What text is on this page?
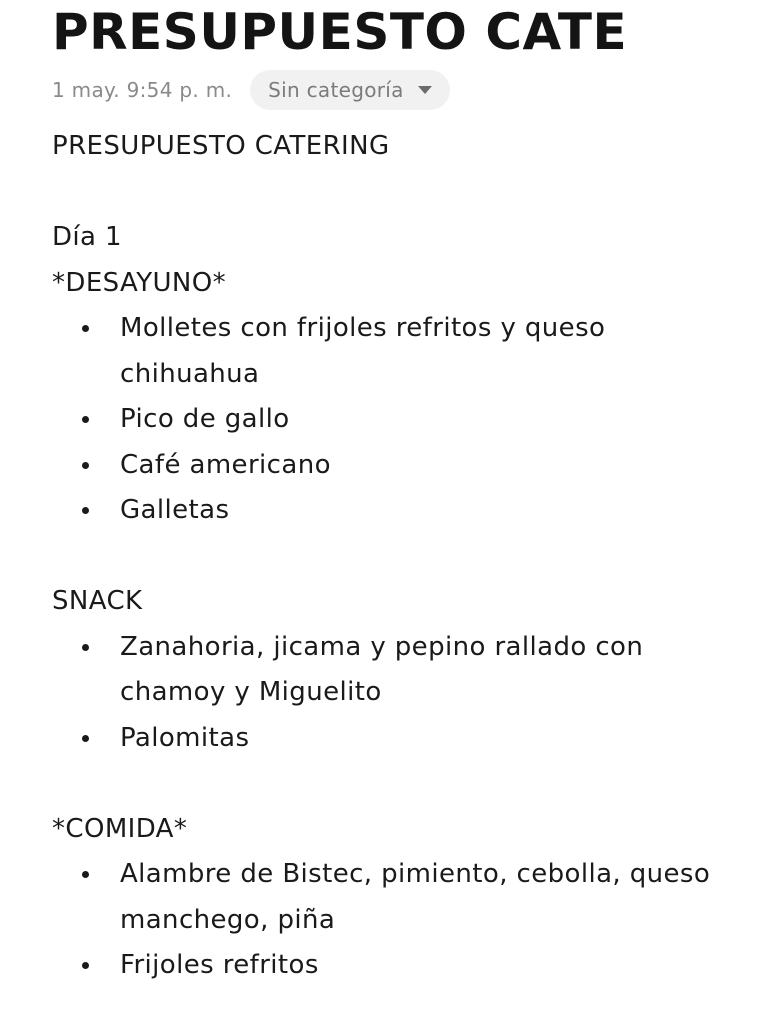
PRESUPUESTO CATE
1 may. 9:54 p. m. Sin categoría

PRESUPUESTO CATERING

Día 1

*DESAYUNO*

Molletes con frijoles refritos y queso chihuahua
Pico de gallo
Café americano
Galletas

SNACK

Zanahoria, jicama y pepino rallado con chamoy y Miguelito
Palomitas

*COMIDA*

Alambre de Bistec, pimiento, cebolla, queso manchego, piña
Frijoles refritos
